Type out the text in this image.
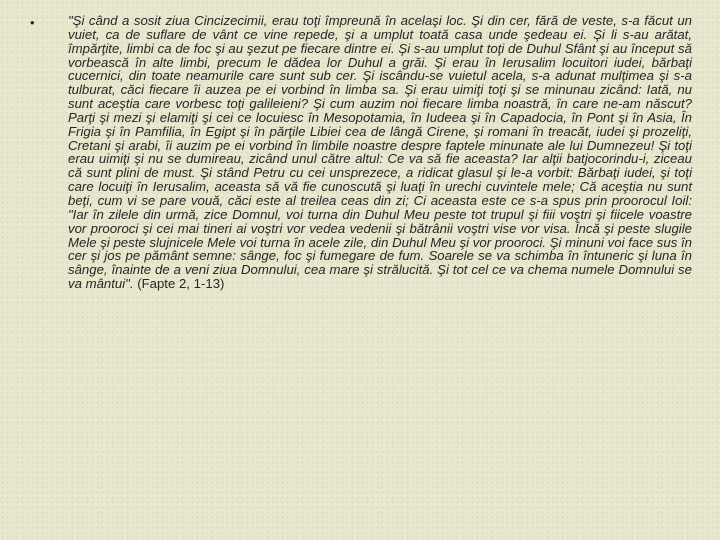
•	"Şi când a sosit ziua Cincizecimii, erau toţi împreună în acelaşi loc. Şi din cer, fără de veste, s-a făcut un vuiet, ca de suflare de vânt ce vine repede, şi a umplut toată casa unde şedeau ei. Şi li s-au arătat, împărţite, limbi ca de foc şi au şezut pe fiecare dintre ei. Şi s-au umplut toţi de Duhul Sfânt şi au început să vorbească în alte limbi, precum le dădea lor Duhul a grăi. Şi erau în Ierusalim locuitori iudei, bărbaţi cucernici, din toate neamurile care sunt sub cer. Şi iscându-se vuietul acela, s-a adunat mulţimea şi s-a tulburat, căci fiecare îi auzea pe ei vorbind în limba sa. Şi erau uimiţi toţi şi se minunau zicând: Iată, nu sunt aceştia care vorbesc toţi galileieni? Şi cum auzim noi fiecare limba noastră, în care ne-am născut? Parţi şi mezi şi elamiţi şi cei ce locuiesc în Mesopotamia, în Iudeea şi în Capadocia, în Pont şi în Asia, În Frigia şi în Pamfilia, în Egipt şi în părţile Libiei cea de lângă Cirene, şi romani în treacăt, iudei şi prozeliţi, Cretani şi arabi, îi auzim pe ei vorbind în limbile noastre despre faptele minunate ale lui Dumnezeu! Şi toţi erau uimiţi şi nu se dumireau, zicând unul către altul: Ce va să fie aceasta? Iar alţii batjocorindu-i, ziceau că sunt plini de must. Şi stând Petru cu cei unsprezece, a ridicat glasul şi le-a vorbit: Bărbaţi iudei, şi toţi care locuiţi în Ierusalim, aceasta să vă fie cunoscută şi luaţi în urechi cuvintele mele; Că aceştia nu sunt beţi, cum vi se pare vouă, căci este al treilea ceas din zi; Ci aceasta este ce s-a spus prin proorocul Ioil: "Iar în zilele din urmă, zice Domnul, voi turna din Duhul Meu peste tot trupul şi fiii voştri şi fiicele voastre vor prooroci şi cei mai tineri ai voştri vor vedea vedenii şi bătrânii voştri vise vor visa. Încă şi peste slugile Mele şi peste slujnicele Mele voi turna în acele zile, din Duhul Meu şi vor prooroci. Şi minuni voi face sus în cer şi jos pe pământ semne: sânge, foc şi fumegare de fum. Soarele se va schimba în întuneric şi luna în sânge, înainte de a veni ziua Domnului, cea mare şi strălucită. Şi tot cel ce va chema numele Domnului se va mântui". (Fapte 2, 1-13)
